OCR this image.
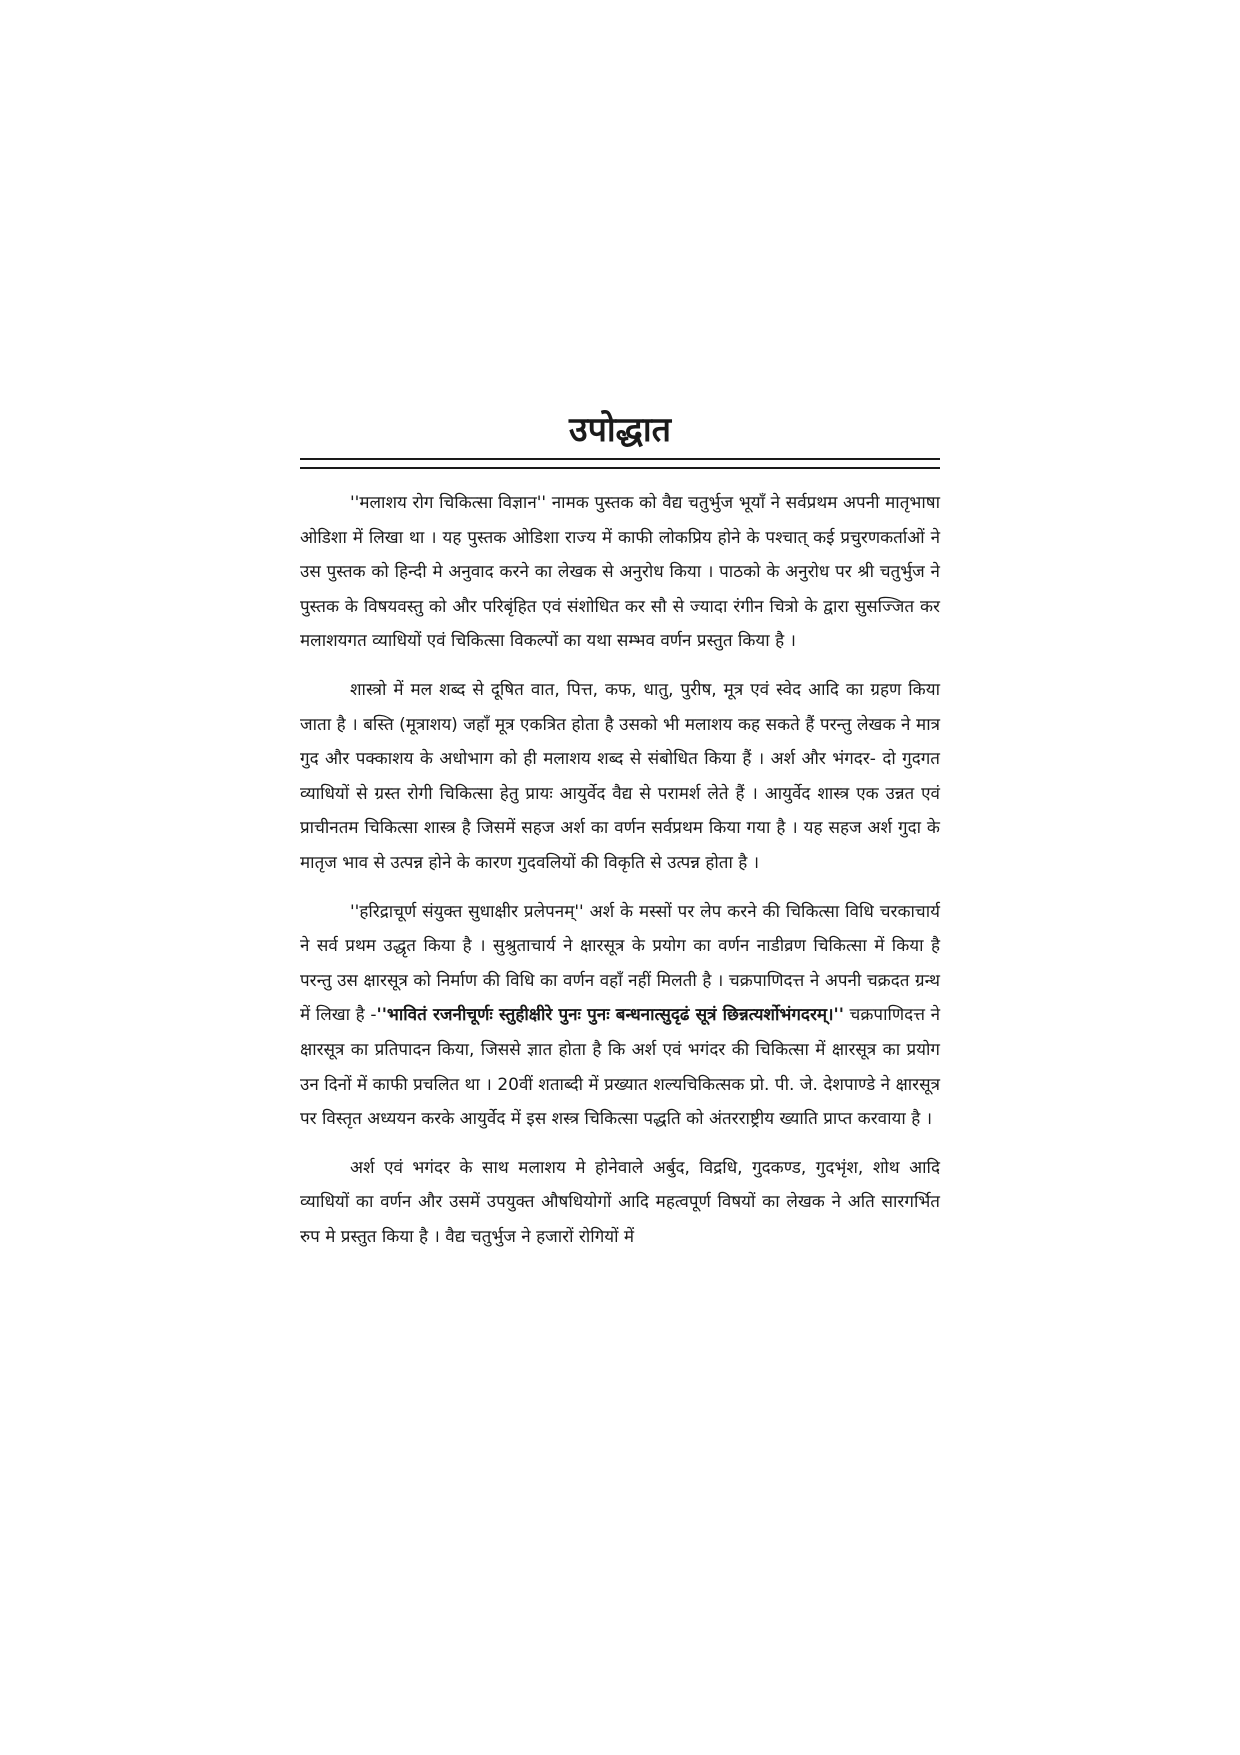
उपोद्धात

''मलाशय रोग चिकित्सा विज्ञान'' नामक पुस्तक को वैद्य चतुर्भुज भूयाँ ने सर्वप्रथम अपनी मातृभाषा ओडिशा में लिखा था । यह पुस्तक ओडिशा राज्य में काफी लोकप्रिय होने के पश्चात् कई प्रचुरणकर्ताओं ने उस पुस्तक को हिन्दी मे अनुवाद करने का लेखक से अनुरोध किया । पाठको के अनुरोध पर श्री चतुर्भुज ने पुस्तक के विषयवस्तु को और परिबृंहित एवं संशोधित कर सौ से ज्यादा रंगीन चित्रो के द्वारा सुसज्जित कर मलाशयगत व्याधियों एवं चिकित्सा विकल्पों का यथा सम्भव वर्णन प्रस्तुत किया है ।

शास्त्रो में मल शब्द से दूषित वात, पित्त, कफ, धातु, पुरीष, मूत्र एवं स्वेद आदि का ग्रहण किया जाता है । बस्ति (मूत्राशय) जहाँ मूत्र एकत्रित होता है उसको भी मलाशय कह सकते हैं परन्तु लेखक ने मात्र गुद और पक्काशय के अधोभाग को ही मलाशय शब्द से संबोधित किया हैं । अर्श और भंगदर- दो गुदगत व्याधियों से ग्रस्त रोगी चिकित्सा हेतु प्रायः आयुर्वेद वैद्य से परामर्श लेते हैं । आयुर्वेद शास्त्र एक उन्नत एवं प्राचीनतम चिकित्सा शास्त्र है जिसमें सहज अर्श का वर्णन सर्वप्रथम किया गया है । यह सहज अर्श गुदा के मातृज भाव से उत्पन्न होने के कारण गुदवलियों की विकृति से उत्पन्न होता है ।

''हरिद्राचूर्ण संयुक्त सुधाक्षीर प्रलेपनम्'' अर्श के मस्सों पर लेप करने की चिकित्सा विधि चरकाचार्य ने सर्व प्रथम उद्धृत किया है । सुश्रुताचार्य ने क्षारसूत्र के प्रयोग का वर्णन नाडीव्रण चिकित्सा में किया है परन्तु उस क्षारसूत्र को निर्माण की विधि का वर्णन वहाँ नहीं मिलती है । चक्रपाणिदत्त ने अपनी चक्रदत ग्रन्थ में लिखा है -''भावितं रजनीचूर्णः स्तुहीक्षीरे पुनः पुनः बन्धनात्सुदृढं सूत्रं छिन्नत्यर्शोभंगदरम्।'' चक्रपाणिदत्त ने क्षारसूत्र का प्रतिपादन किया, जिससे ज्ञात होता है कि अर्श एवं भगंदर की चिकित्सा में क्षारसूत्र का प्रयोग उन दिनों में काफी प्रचलित था । 20वीं शताब्दी में प्रख्यात शल्यचिकित्सक प्रो. पी. जे. देशपाण्डे ने क्षारसूत्र पर विस्तृत अध्ययन करके आयुर्वेद में इस शस्त्र चिकित्सा पद्धति को अंतरराष्ट्रीय ख्याति प्राप्त करवाया है ।

अर्श एवं भगंदर के साथ मलाशय मे होनेवाले अर्बुद, विद्रधि, गुदकण्ड, गुदभृंश, शोथ आदि व्याधियों का वर्णन और उसमें उपयुक्त औषधियोगों आदि महत्वपूर्ण विषयों का लेखक ने अति सारगर्भित रुप मे प्रस्तुत किया है । वैद्य चतुर्भुज ने हजारों रोगियों में
